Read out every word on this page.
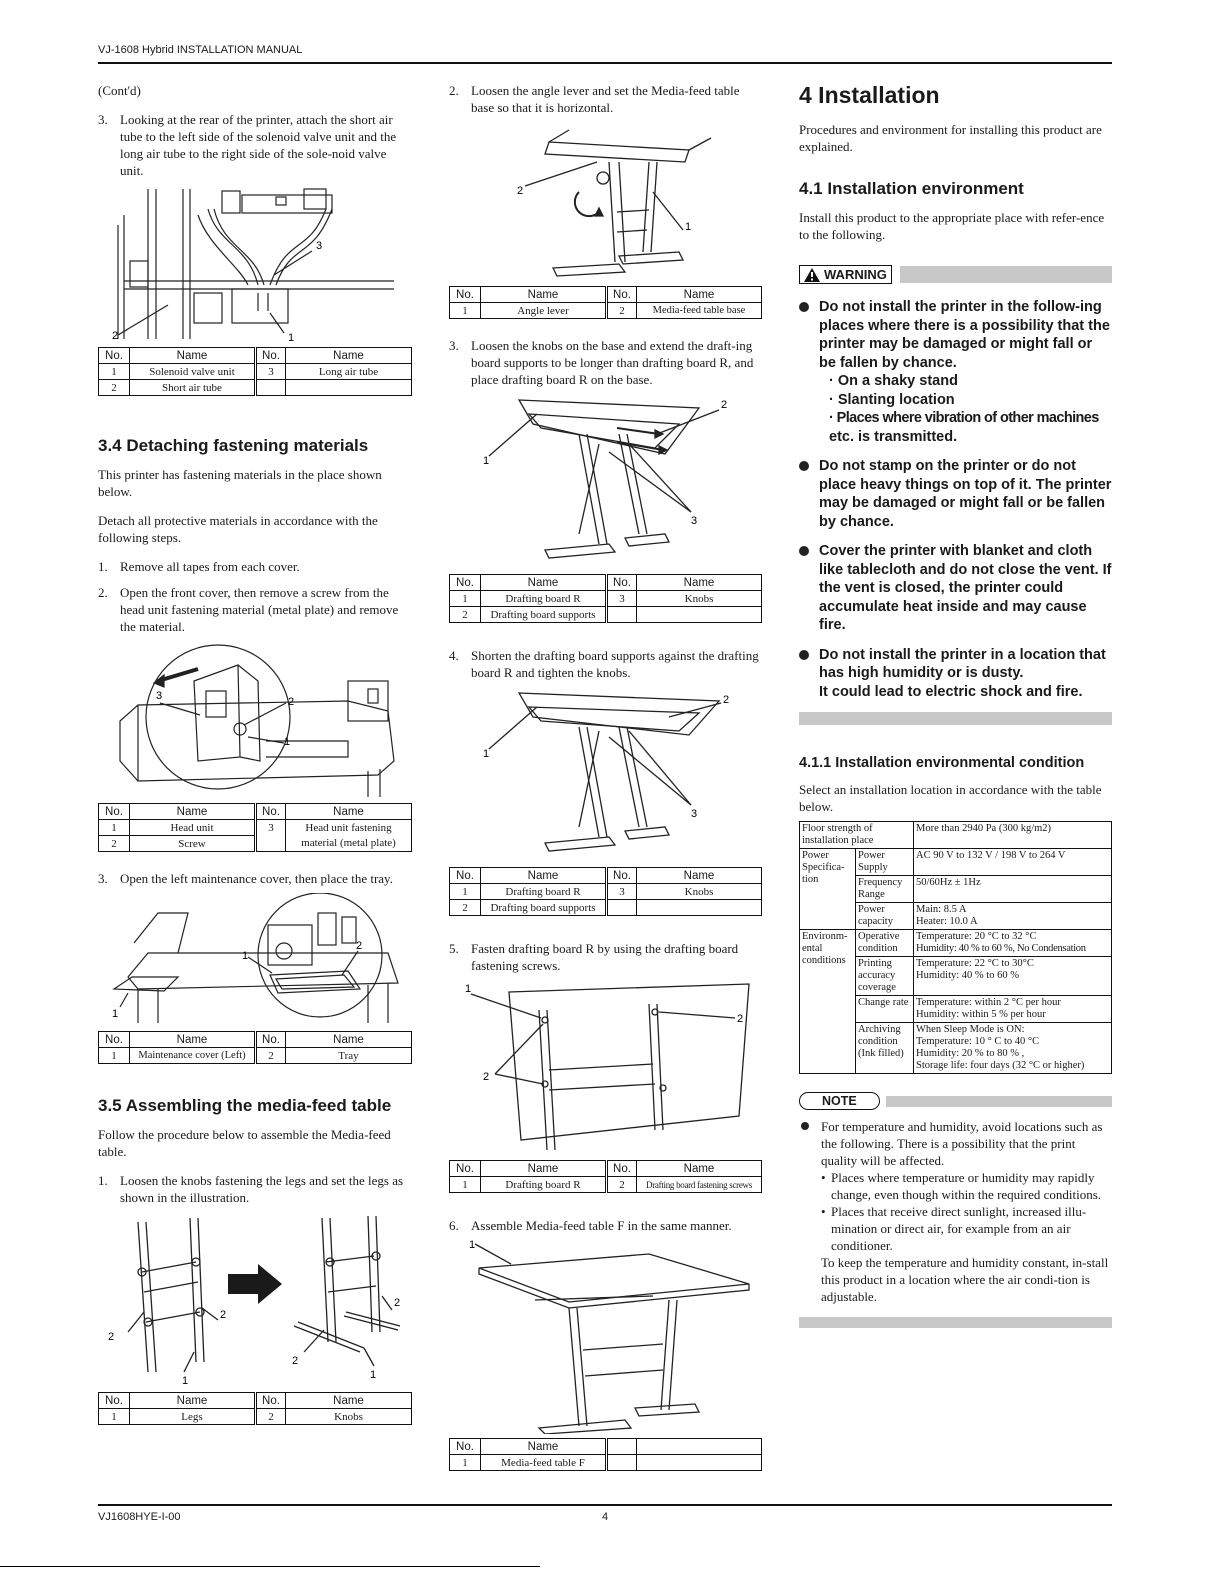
VJ-1608 Hybrid INSTALLATION MANUAL

(Cont'd)

3. Looking at the rear of the printer, attach the short air tube to the left side of the solenoid valve unit and the long air tube to the right side of the sole-noid valve unit.
3
2	1
No.	Name	No.	Name
1	Solenoid valve unit	3	Long air tube
2	Short air tube		
3.4 Detaching fastening materials

This printer has fastening materials in the place shown below.

Detach all protective materials in accordance with the following steps.

1. Remove all tapes from each cover.
2. Open the front cover, then remove a screw from the head unit fastening material (metal plate) and remove the material.
3	2
1
No.	Name	No.	Name
1	Head unit	3	Head unit fastening
2	Screw		material (metal plate)
3. Open the left maintenance cover, then place the tray.
1
2
1
No.	Name	No.	Name
1	Maintenance cover (Left)	2	Tray
3.5 Assembling the media-feed table

Follow the procedure below to assemble the Media-feed table.

1. Loosen the knobs fastening the legs and set the legs as shown in the illustration.
2
2
1
2
2
1
No.	Name	No.	Name
1	Legs	2	Knobs
2. Loosen the angle lever and set the Media-feed table base so that it is horizontal.
2
1
No.	Name	No.	Name
1	Angle lever	2	Media-feed table base
3. Loosen the knobs on the base and extend the draft-ing board supports to be longer than drafting board R, and place drafting board R on the base.
2
1
3
No.	Name	No.	Name
1	Drafting board R	3	Knobs
2	Drafting board supports		
4. Shorten the drafting board supports against the drafting board R and tighten the knobs.
2
1
3
No.	Name	No.	Name
1	Drafting board R	3	Knobs
2	Drafting board supports		
5. Fasten drafting board R by using the drafting board fastening screws.
1
2
2
No.	Name	No.	Name
1	Drafting board R	2	Drafting board fastening screws
6. Assemble Media-feed table F in the same manner.
1
No.	Name		
1	Media-feed table F		
4 Installation

Procedures and environment for installing this product are explained.

4.1 Installation environment

Install this product to the appropriate place with refer-ence to the following.

WARNING
Do not install the printer in the follow-ing places where there is a possibility that the printer may be damaged or might fall or be fallen by chance.
· On a shaky stand
· Slanting location
· Places where vibration of other machines
etc. is transmitted.
Do not stamp on the printer or do not place heavy things on top of it. The printer may be damaged or might fall or be fallen by chance.
Cover the printer with blanket and cloth like tablecloth and do not close the vent. If the vent is closed, the printer could accumulate heat inside and may cause fire.
Do not install the printer in a location that has high humidity or is dusty.
It could lead to electric shock and fire.
4.1.1 Installation environmental condition

Select an installation location in accordance with the table below.

Floor strength of installation place		More than 2940 Pa (300 kg/m2)
Power Specifica-tion	Power Supply	AC 90 V to 132 V / 198 V to 264 V
	Frequency Range	50/60Hz ± 1Hz
	Power capacity	Main: 8.5 A
Heater: 10.0 A

Environm-ental conditions	Operative condition	Temperature: 20 °C to 32 °C
Humidity: 40 % to 60 %, No Condensation

	Printing accuracy coverage	Temperature: 22 °C to 30°C
Humidity: 40 % to 60 %

	Change rate	Temperature: within 2 °C per hour
Humidity: within 5 % per hour

	Archiving condition (Ink filled)	When Sleep Mode is ON:
Temperature: 10 ° C to 40 °C
Humidity: 20 % to 80 % ,
Storage life: four days (32 °C or higher)
NOTE
For temperature and humidity, avoid locations such as the following. There is a possibility that the print quality will be affected.
• Places where temperature or humidity may rapidly change, even though within the required conditions.
• Places that receive direct sunlight, increased illu-mination or direct air, for example from an air conditioner.
To keep the temperature and humidity constant, in-stall this product in a location where the air condi-tion is adjustable.
VJ1608HYE-I-00	4
